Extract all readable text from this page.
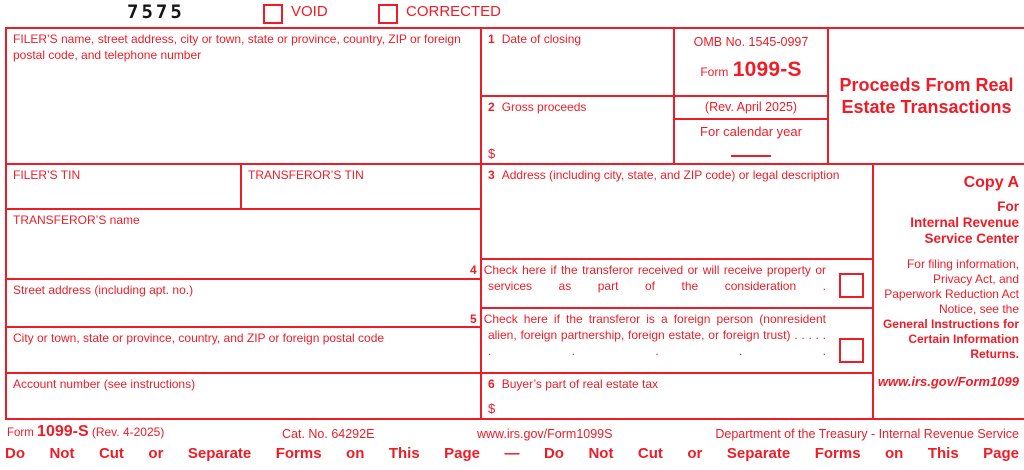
7575	VOID	CORRECTED
FILER’S name, street address, city or town, state or province, country, ZIP or foreign postal code, and telephone number
1 Date of closing
2 Gross proceeds
$
OMB No. 1545-0997
Form 1099-S
(Rev. April 2025)
For calendar year
Proceeds From Real Estate Transactions
FILER’S TIN	TRANSFEROR’S TIN
TRANSFEROR’S name
Street address (including apt. no.)
City or town, state or province, country, and ZIP or foreign postal code
Account number (see instructions)
3 Address (including city, state, and ZIP code) or legal description
4 Check here if the transferor received or will receive property or services as part of the consideration .
5 Check here if the transferor is a foreign person (nonresident alien, foreign partnership, foreign estate, or foreign trust) . . . . . . . . . .
6 Buyer’s part of real estate tax
$
Copy A
For
Internal Revenue
Service Center
For filing information, Privacy Act, and Paperwork Reduction Act Notice, see the
General Instructions for Certain Information Returns.
www.irs.gov/Form1099
Form 1099-S (Rev. 4-2025)	Cat. No. 64292E	www.irs.gov/Form1099S	Department of the Treasury - Internal Revenue Service
Do Not Cut or Separate Forms on This Page — Do Not Cut or Separate Forms on This Page
